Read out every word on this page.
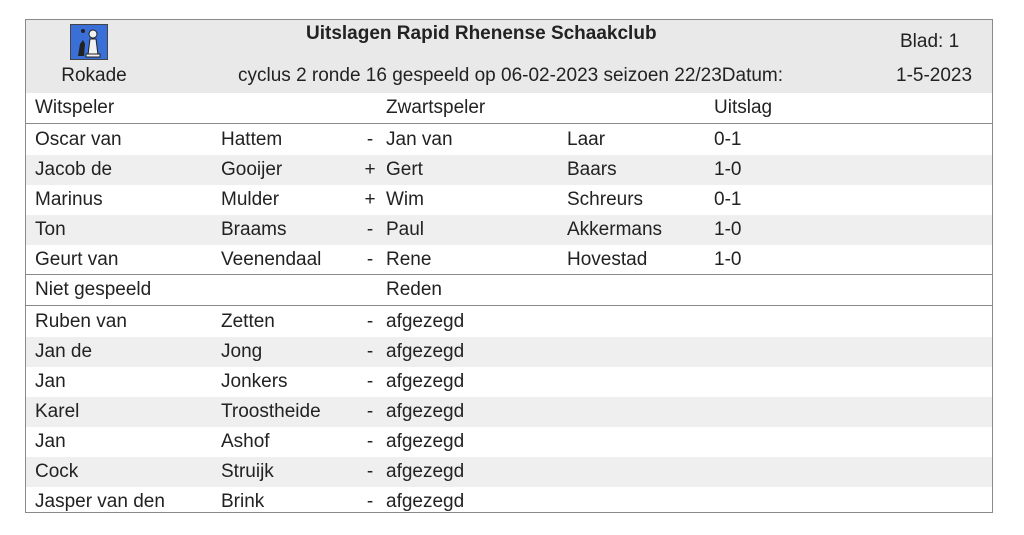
Rokade
Uitslagen Rapid Rhenense Schaakclub
cyclus 2 ronde 16 gespeeld op 06-02-2023 seizoen 22/23Datum:
Blad: 1
1-5-2023
Witspeler	Zwartspeler	Uitslag
Oscar van	Hattem	- Jan van	Laar	0-1
Jacob de	Gooijer	+ Gert	Baars	1-0
Marinus	Mulder	+ Wim	Schreurs	0-1
Ton	Braams	- Paul	Akkermans	1-0
Geurt van	Veenendaal - Rene	Hovestad	1-0
Niet gespeeld	Reden
Ruben van	Zetten	- afgezegd
Jan de	Jong	- afgezegd
Jan	Jonkers	- afgezegd
Karel	Troostheide - afgezegd
Jan	Ashof	- afgezegd
Cock	Struijk	- afgezegd
Jasper van den	Brink	- afgezegd
